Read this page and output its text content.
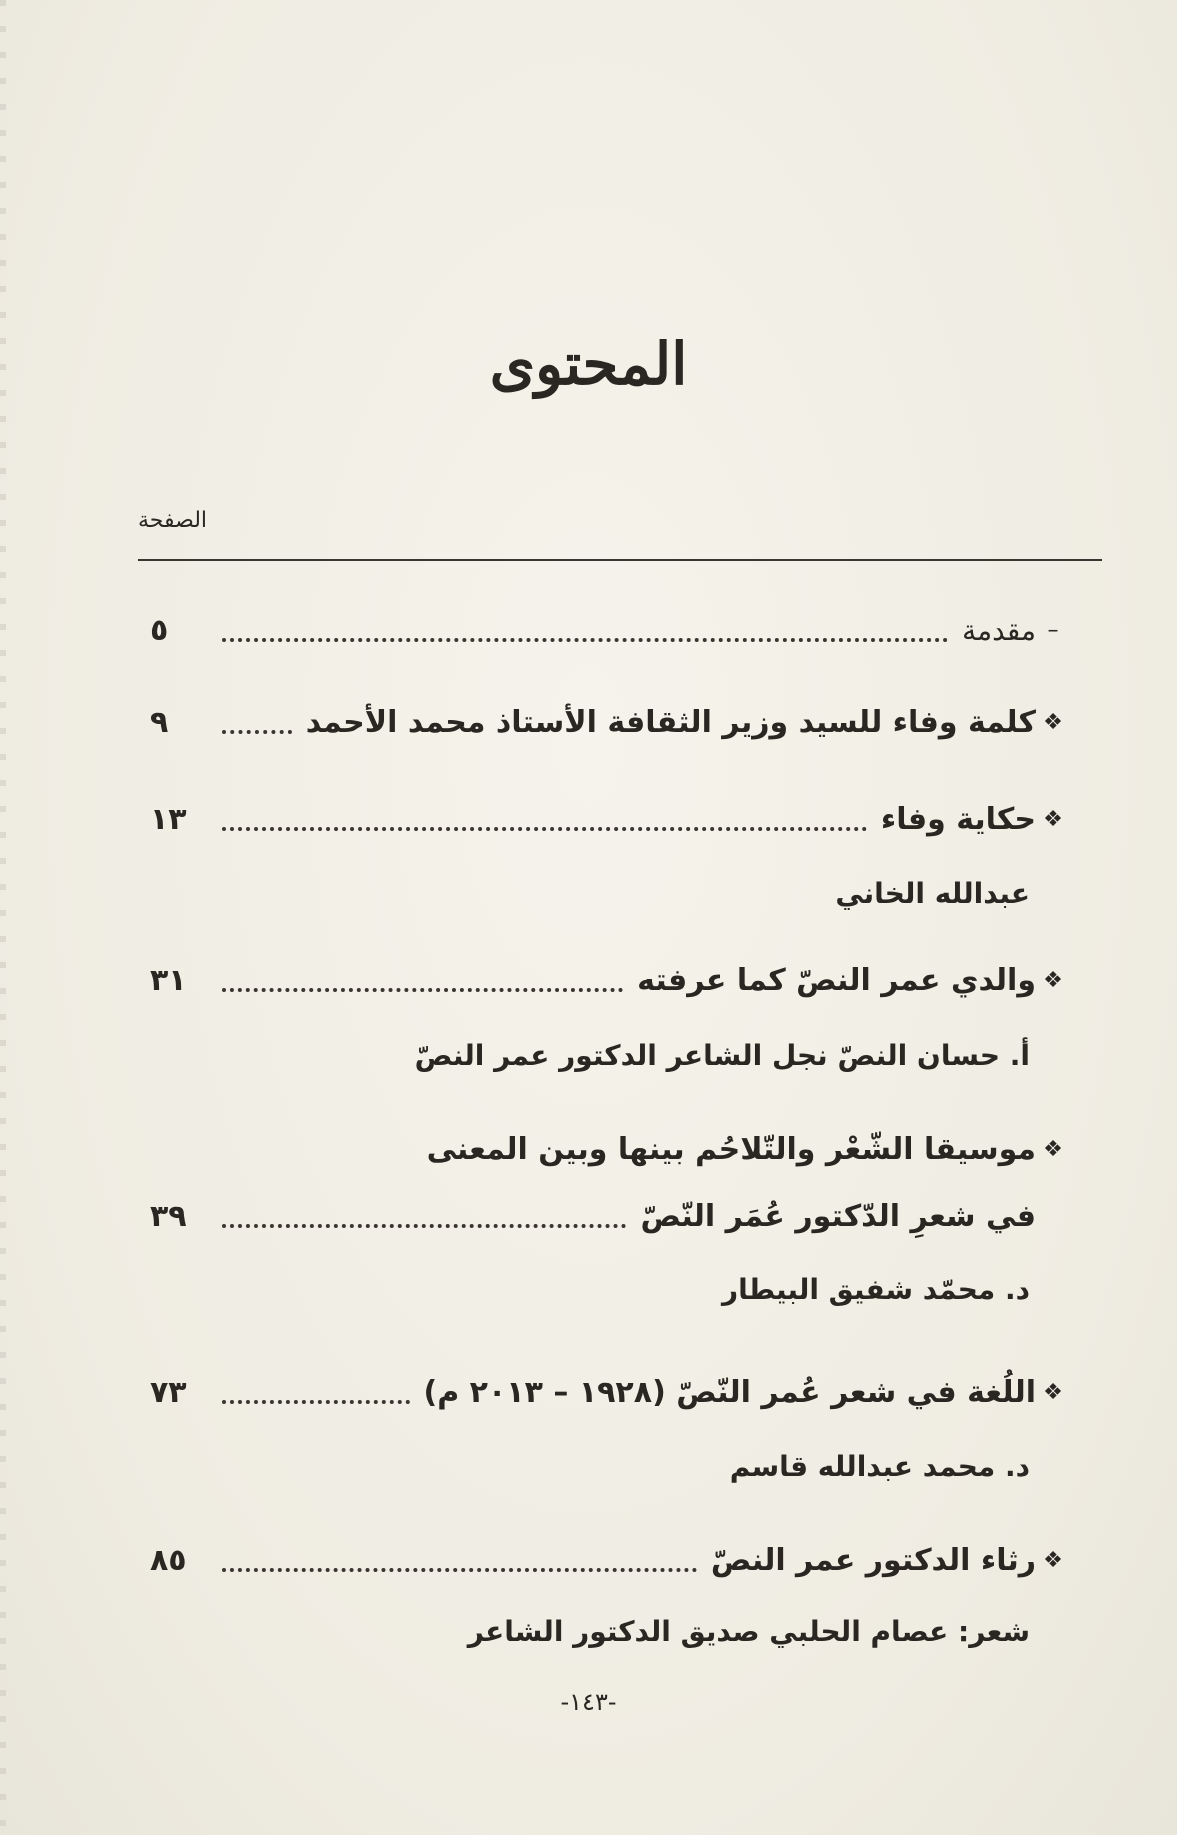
المحتوى
الصفحة
–
مقدمة
٥
❖
كلمة وفاء للسيد وزير الثقافة الأستاذ محمد الأحمد
٩
❖
حكاية وفاء
١٣
عبدالله الخاني
❖
والدي عمر النصّ كما عرفته
٣١
أ. حسان النصّ نجل الشاعر الدكتور عمر النصّ
❖
موسيقا الشّعْر والتّلاحُم بينها وبين المعنى
في شعرِ الدّكتور عُمَر النّصّ
٣٩
د. محمّد شفيق البيطار
❖
اللُغة في شعر عُمر النّصّ (١٩٢٨ – ٢٠١٣ م)
٧٣
د. محمد عبدالله قاسم
❖
رثاء الدكتور عمر النصّ
٨٥
شعر: عصام الحلبي صديق الدكتور الشاعر
-١٤٣-
